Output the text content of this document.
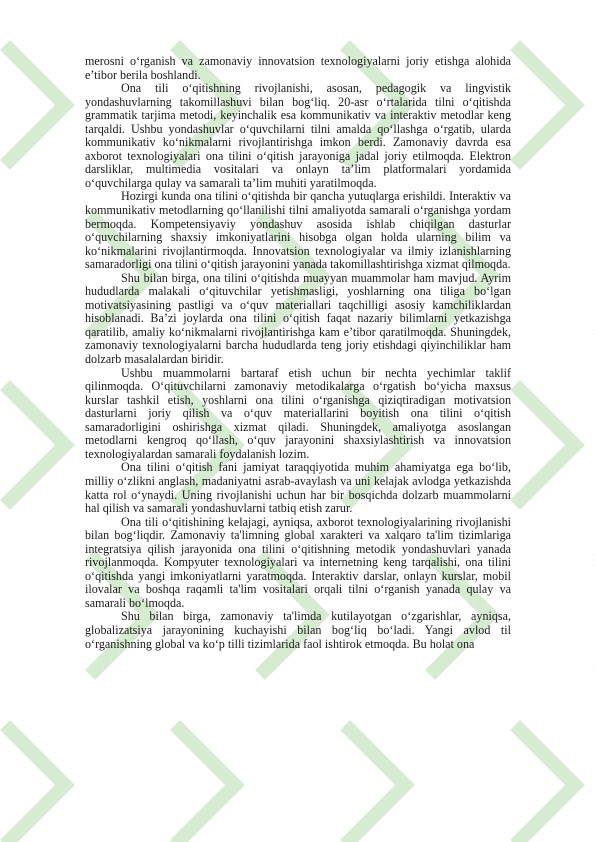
merosni o‘rganish va zamonaviy innovatsion texnologiyalarni joriy etishga alohida e’tibor berila boshlandi.

Ona tili o‘qitishning rivojlanishi, asosan, pedagogik va lingvistik yondashuvlarning takomillashuvi bilan bog‘liq. 20-asr o‘rtalarida tilni o‘qitishda grammatik tarjima metodi, keyinchalik esa kommunikativ va interaktiv metodlar keng tarqaldi. Ushbu yondashuvlar o‘quvchilarni tilni amalda qo‘llashga o‘rgatib, ularda kommunikativ ko‘nikmalarni rivojlantirishga imkon berdi. Zamonaviy davrda esa axborot texnologiyalari ona tilini o‘qitish jarayoniga jadal joriy etilmoqda. Elektron darsliklar, multimedia vositalari va onlayn ta’lim platformalari yordamida o‘quvchilarga qulay va samarali ta’lim muhiti yaratilmoqda.

Hozirgi kunda ona tilini o‘qitishda bir qancha yutuqlarga erishildi. Interaktiv va kommunikativ metodlarning qo‘llanilishi tilni amaliyotda samarali o‘rganishga yordam bermoqda. Kompetensiyaviy yondashuv asosida ishlab chiqilgan dasturlar o‘quvchilarning shaxsiy imkoniyatlarini hisobga olgan holda ularning bilim va ko‘nikmalarini rivojlantirmoqda. Innovatsion texnologiyalar va ilmiy izlanishlarning samaradorligi ona tilini o‘qitish jarayonini yanada takomillashtirishga xizmat qilmoqda.

Shu bilan birga, ona tilini o‘qitishda muayyan muammolar ham mavjud. Ayrim hududlarda malakali o‘qituvchilar yetishmasligi, yoshlarning ona tiliga bo‘lgan motivatsiyasining pastligi va o‘quv materiallari taqchilligi asosiy kamchiliklardan hisoblanadi. Ba’zi joylarda ona tilini o‘qitish faqat nazariy bilimlarni yetkazishga qaratilib, amaliy ko‘nikmalarni rivojlantirishga kam e’tibor qaratilmoqda. Shuningdek, zamonaviy texnologiyalarni barcha hududlarda teng joriy etishdagi qiyinchiliklar ham dolzarb masalalardan biridir.

Ushbu muammolarni bartaraf etish uchun bir nechta yechimlar taklif qilinmoqda. O‘qituvchilarni zamonaviy metodikalarga o‘rgatish bo‘yicha maxsus kurslar tashkil etish, yoshlarni ona tilini o‘rganishga qiziqtiradigan motivatsion dasturlarni joriy qilish va o‘quv materiallarini boyitish ona tilini o‘qitish samaradorligini oshirishga xizmat qiladi. Shuningdek, amaliyotga asoslangan metodlarni kengroq qo‘llash, o‘quv jarayonini shaxsiylashtirish va innovatsion texnologiyalardan samarali foydalanish lozim.

Ona tilini o‘qitish fani jamiyat taraqqiyotida muhim ahamiyatga ega bo‘lib, milliy o‘zlikni anglash, madaniyatni asrab-avaylash va uni kelajak avlodga yetkazishda katta rol o‘ynaydi. Uning rivojlanishi uchun har bir bosqichda dolzarb muammolarni hal qilish va samarali yondashuvlarni tatbiq etish zarur.

Ona tili o‘qitishining kelajagi, ayniqsa, axborot texnologiyalarining rivojlanishi bilan bog‘liqdir. Zamonaviy ta'limning global xarakteri va xalqaro ta'lim tizimlariga integratsiya qilish jarayonida ona tilini o‘qitishning metodik yondashuvlari yanada rivojlanmoqda. Kompyuter texnologiyalari va internetning keng tarqalishi, ona tilini o‘qitishda yangi imkoniyatlarni yaratmoqda. Interaktiv darslar, onlayn kurslar, mobil ilovalar va boshqa raqamli ta'lim vositalari orqali tilni o‘rganish yanada qulay va samarali bo‘lmoqda.

Shu bilan birga, zamonaviy ta'limda kutilayotgan o‘zgarishlar, ayniqsa, globalizatsiya jarayonining kuchayishi bilan bog‘liq bo‘ladi. Yangi avlod til o‘rganishning global va ko‘p tilli tizimlarida faol ishtirok etmoqda. Bu holat ona
